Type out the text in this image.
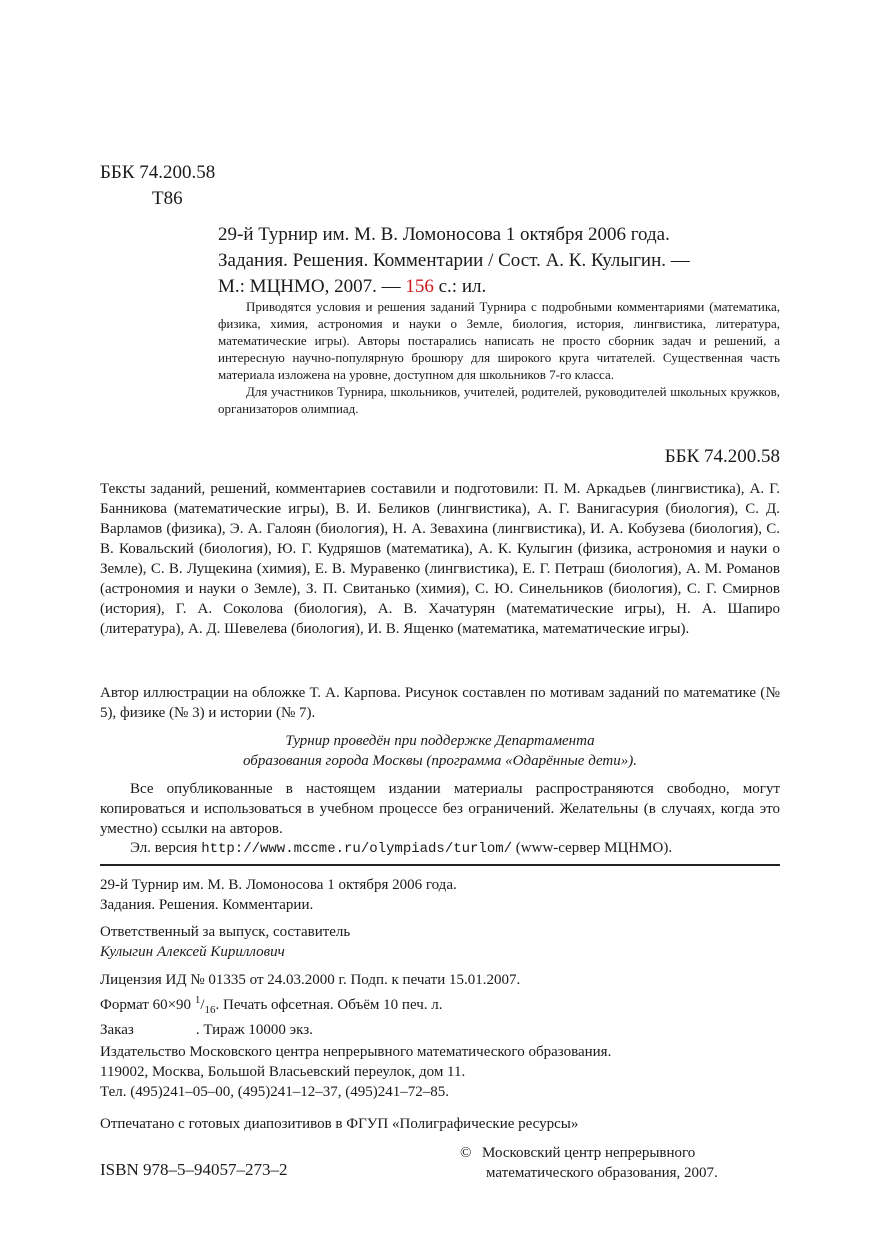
ББК 74.200.58
Т86
29-й Турнир им. М. В. Ломоносова 1 октября 2006 года.
Задания. Решения. Комментарии / Сост. А. К. Кулыгин. —
М.: МЦНМО, 2007. — 156 с.: ил.

Приводятся условия и решения заданий Турнира с подробными комментариями (математика, физика, химия, астрономия и науки о Земле, биология, история, лингвистика, литература, математические игры). Авторы постарались написать не просто сборник задач и решений, а интересную научно-популярную брошюру для широкого круга читателей. Существенная часть материала изложена на уровне, доступном для школьников 7-го класса.

Для участников Турнира, школьников, учителей, родителей, руководителей школьных кружков, организаторов олимпиад.

ББК 74.200.58
Тексты заданий, решений, комментариев составили и подготовили: П. М. Аркадьев (лингвистика), А. Г. Банникова (математические игры), В. И. Беликов (лингвистика), А. Г. Ванигасурия (биология), С. Д. Варламов (физика), Э. А. Галоян (биология), Н. А. Зевахина (лингвистика), И. А. Кобузева (биология), С. В. Ковальский (биология), Ю. Г. Кудряшов (математика), А. К. Кулыгин (физика, астрономия и науки о Земле), С. В. Лущекина (химия), Е. В. Муравенко (лингвистика), Е. Г. Петраш (биология), А. М. Романов (астрономия и науки о Земле), З. П. Свитанько (химия), С. Ю. Синельников (биология), С. Г. Смирнов (история), Г. А. Соколова (биология), А. В. Хачатурян (математические игры), Н. А. Шапиро (литература), А. Д. Шевелева (биология), И. В. Ященко (математика, математические игры).
Автор иллюстрации на обложке Т. А. Карпова. Рисунок составлен по мотивам заданий по математике (№ 5), физике (№ 3) и истории (№ 7).
Турнир проведён при поддержке Департамента
образования города Москвы (программа «Одарённые дети»).
Все опубликованные в настоящем издании материалы распространяются свободно, могут копироваться и использоваться в учебном процессе без ограничений. Желательны (в случаях, когда это уместно) ссылки на авторов.
Эл. версия http://www.mccme.ru/olympiads/turlom/ (www-сервер МЦНМО).
29-й Турнир им. М. В. Ломоносова 1 октября 2006 года.
Задания. Решения. Комментарии.
Ответственный за выпуск, составитель
Кулыгин Алексей Кириллович
Лицензия ИД № 01335 от 24.03.2000 г. Подп. к печати 15.01.2007.
Формат 60×90 $^1/_{16}$. Печать офсетная. Объём 10 печ. л.
Заказ	. Тираж 10000 экз.
Издательство Московского центра непрерывного математического образования.
119002, Москва, Большой Власьевский переулок, дом 11.
Тел. (495)241–05–00, (495)241–12–37, (495)241–72–85.
Отпечатано с готовых диапозитивов в ФГУП «Полиграфические ресурсы»
ISBN 978–5–94057–273–2
© Московский центр непрерывного
математического образования, 2007.
